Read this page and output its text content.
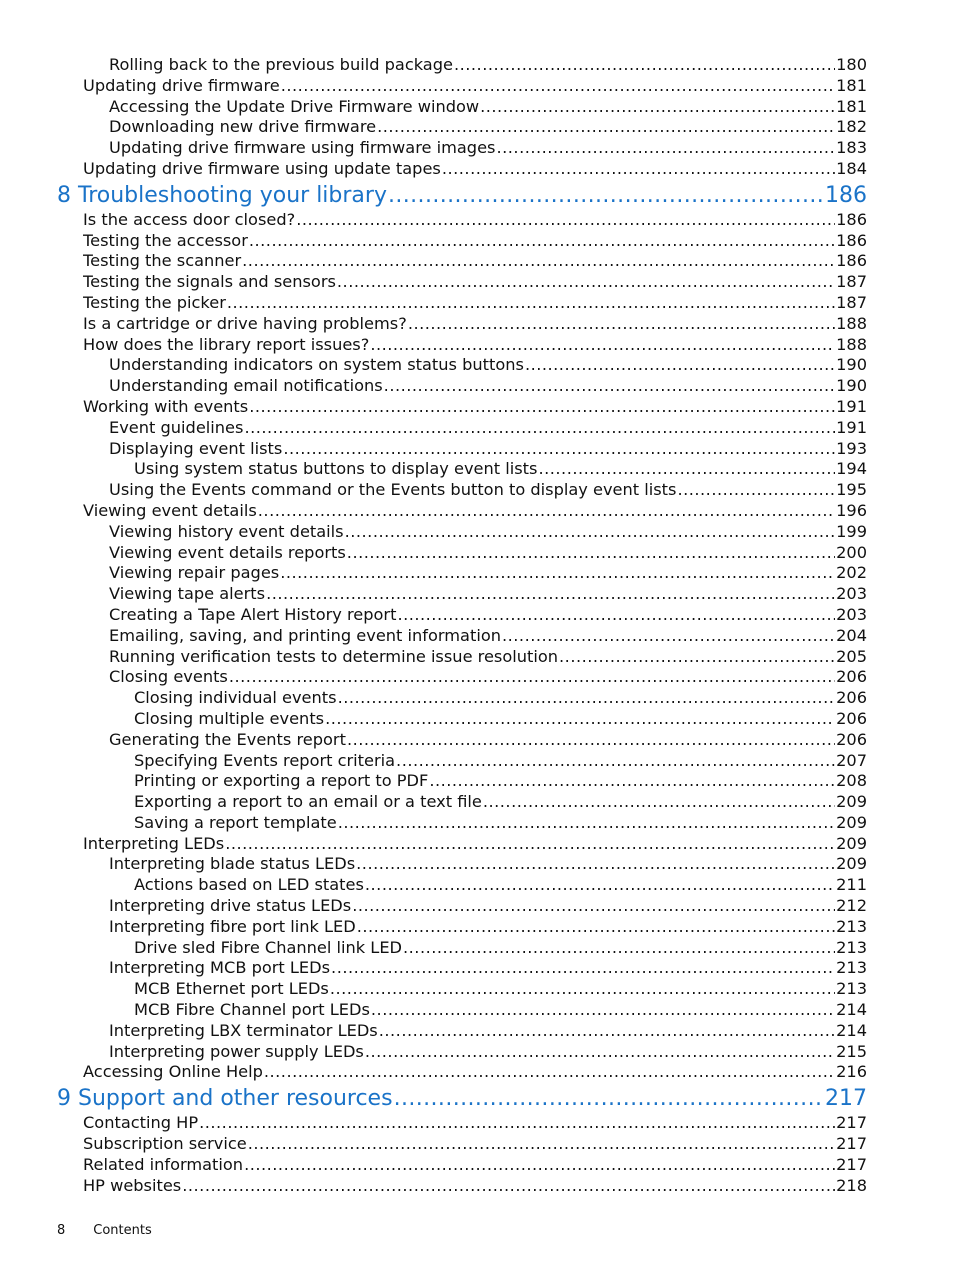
Rolling back to the previous build package .....	180
Updating drive firmware .....	181
Accessing the Update Drive Firmware window .....	181
Downloading new drive firmware .....	182
Updating drive firmware using firmware images .....	183
Updating drive firmware using update tapes .....	184
8 Troubleshooting your library .....	186
Is the access door closed? .....	186
Testing the accessor .....	186
Testing the scanner .....	186
Testing the signals and sensors .....	187
Testing the picker .....	187
Is a cartridge or drive having problems? .....	188
How does the library report issues? .....	188
Understanding indicators on system status buttons .....	190
Understanding email notifications .....	190
Working with events .....	191
Event guidelines .....	191
Displaying event lists .....	193
Using system status buttons to display event lists .....	194
Using the Events command or the Events button to display event lists .....	195
Viewing event details .....	196
Viewing history event details .....	199
Viewing event details reports .....	200
Viewing repair pages .....	202
Viewing tape alerts .....	203
Creating a Tape Alert History report .....	203
Emailing, saving, and printing event information .....	204
Running verification tests to determine issue resolution .....	205
Closing events .....	206
Closing individual events .....	206
Closing multiple events .....	206
Generating the Events report .....	206
Specifying Events report criteria .....	207
Printing or exporting a report to PDF .....	208
Exporting a report to an email or a text file .....	209
Saving a report template .....	209
Interpreting LEDs .....	209
Interpreting blade status LEDs .....	209
Actions based on LED states .....	211
Interpreting drive status LEDs .....	212
Interpreting fibre port link LED .....	213
Drive sled Fibre Channel link LED .....	213
Interpreting MCB port LEDs .....	213
MCB Ethernet port LEDs .....	213
MCB Fibre Channel port LEDs .....	214
Interpreting LBX terminator LEDs .....	214
Interpreting power supply LEDs .....	215
Accessing Online Help .....	216
9 Support and other resources .....	217
Contacting HP .....	217
Subscription service .....	217
Related information .....	217
HP websites .....	218
8 Contents
